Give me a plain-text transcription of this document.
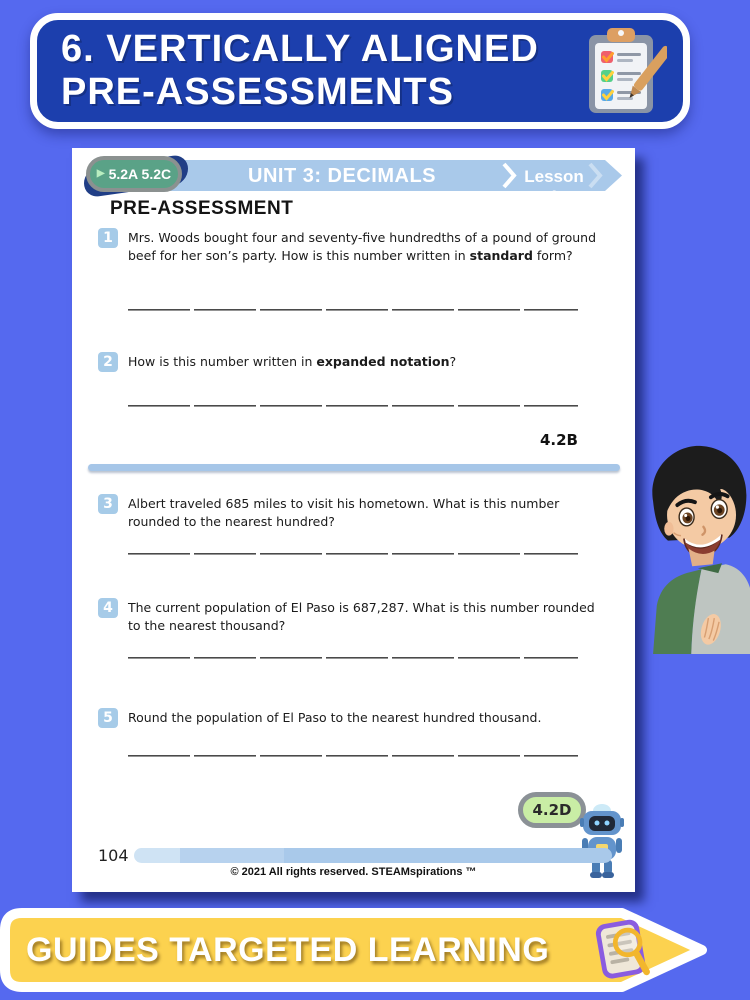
6. VERTICALLY ALIGNED
PRE-ASSESSMENTS
▶ 5.2A 5.2C	UNIT 3: DECIMALS	Lesson 1
PRE-ASSESSMENT
1	Mrs. Woods bought four and seventy-five hundredths of a pound of ground beef for her son’s party. How is this number written in standard form?
2	How is this number written in expanded notation?
4.2B
3	Albert traveled 685 miles to visit his hometown. What is this number rounded to the nearest hundred?
4	The current population of El Paso is 687,287. What is this number rounded to the nearest thousand?
5	Round the population of El Paso to the nearest hundred thousand.
4.2D
104
© 2021 All rights reserved. STEAMspirations ™
GUIDES TARGETED LEARNING
